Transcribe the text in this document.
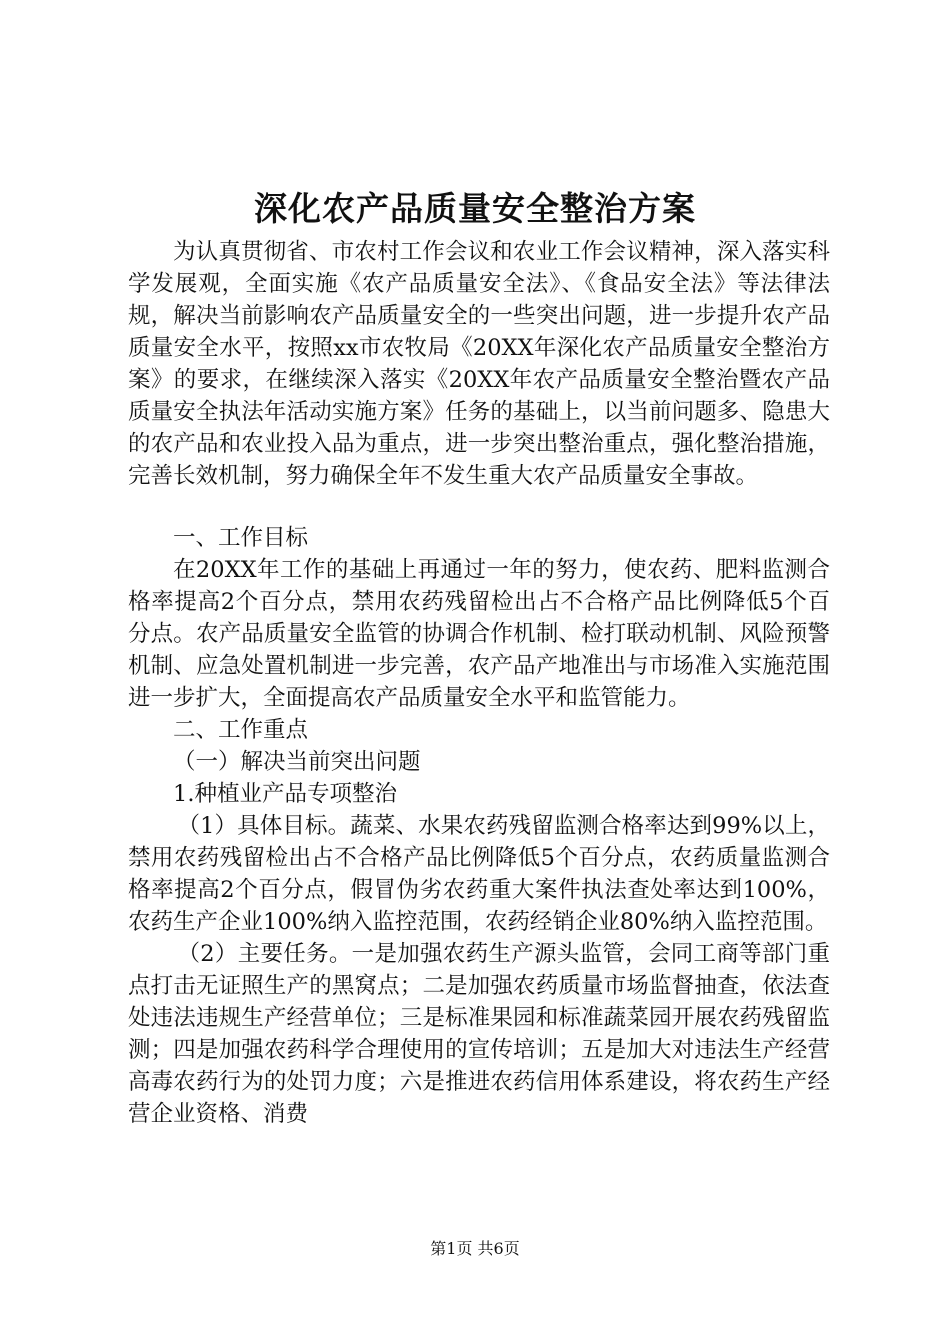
深化农产品质量安全整治方案

为认真贯彻省、市农村工作会议和农业工作会议精神，深入落实科学发展观，全面实施《农产品质量安全法》、《食品安全法》等法律法规，解决当前影响农产品质量安全的一些突出问题，进一步提升农产品质量安全水平，按照xx市农牧局《20XX年深化农产品质量安全整治方案》的要求，在继续深入落实《20XX年农产品质量安全整治暨农产品质量安全执法年活动实施方案》任务的基础上，以当前问题多、隐患大的农产品和农业投入品为重点，进一步突出整治重点，强化整治措施，完善长效机制，努力确保全年不发生重大农产品质量安全事故。

一、工作目标

在20XX年工作的基础上再通过一年的努力，使农药、肥料监测合格率提高2个百分点，禁用农药残留检出占不合格产品比例降低5个百分点。农产品质量安全监管的协调合作机制、检打联动机制、风险预警机制、应急处置机制进一步完善，农产品产地准出与市场准入实施范围进一步扩大，全面提高农产品质量安全水平和监管能力。

二、工作重点

（一）解决当前突出问题

1.种植业产品专项整治

（1）具体目标。蔬菜、水果农药残留监测合格率达到99%以上，禁用农药残留检出占不合格产品比例降低5个百分点，农药质量监测合格率提高2个百分点，假冒伪劣农药重大案件执法查处率达到100%，农药生产企业100%纳入监控范围，农药经销企业80%纳入监控范围。

（2）主要任务。一是加强农药生产源头监管，会同工商等部门重点打击无证照生产的黑窝点；二是加强农药质量市场监督抽查，依法查处违法违规生产经营单位；三是标准果园和标准蔬菜园开展农药残留监测；四是加强农药科学合理使用的宣传培训；五是加大对违法生产经营高毒农药行为的处罚力度；六是推进农药信用体系建设，将农药生产经营企业资格、消费

第1页 共6页
